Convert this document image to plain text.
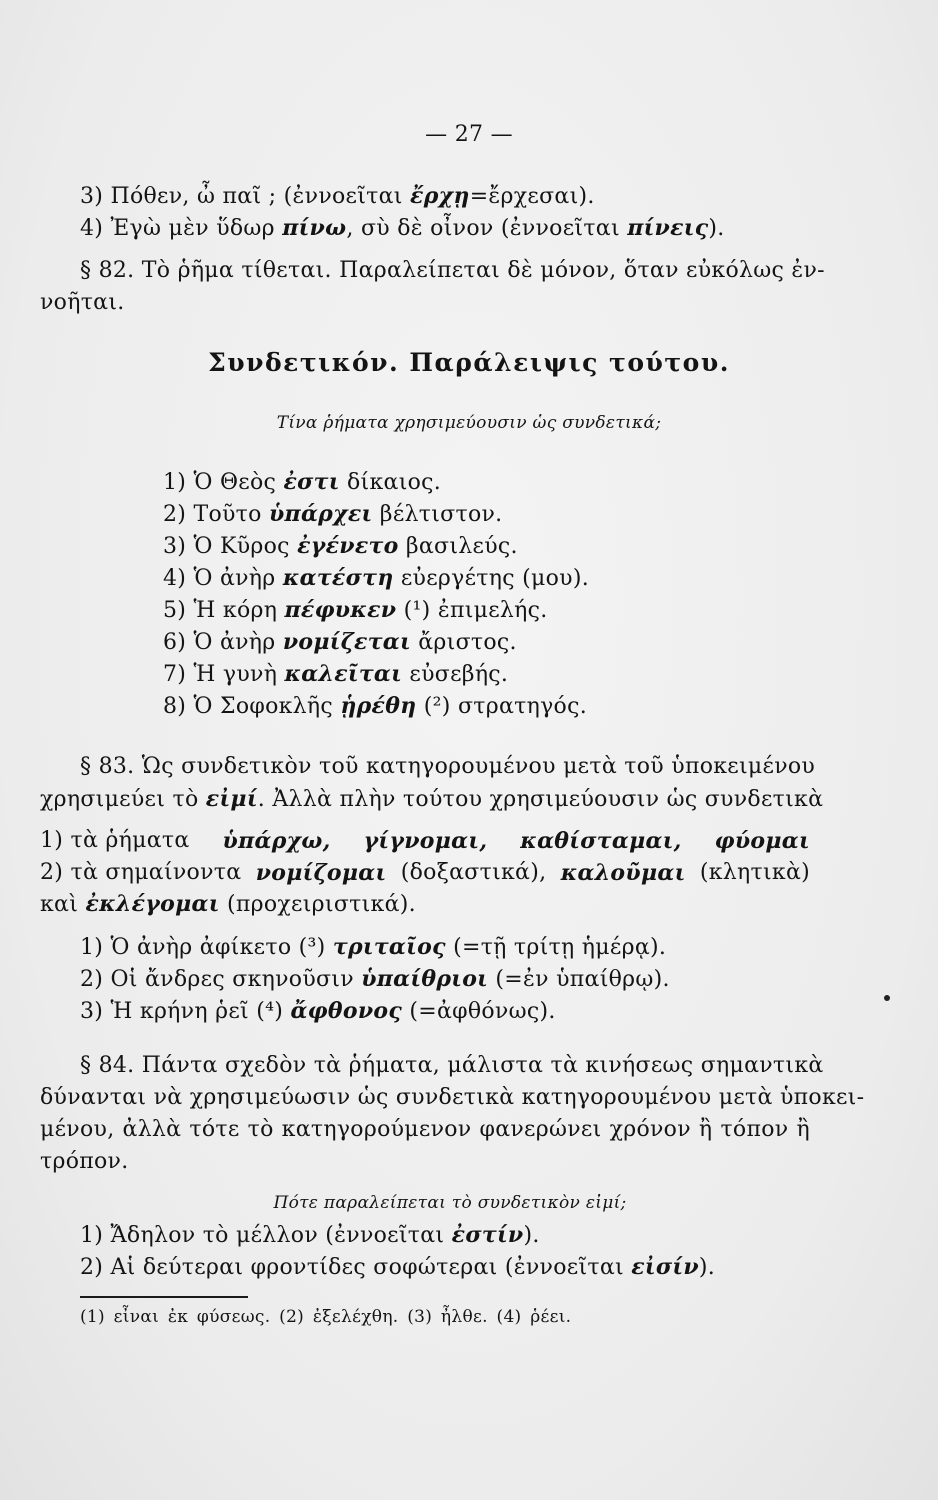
— 27 —
3) Πόθεν, ὦ παῖ ; (ἐννοεῖται ἔρχῃ=ἔρχεσαι).
4) Ἐγὼ μὲν ὕδωρ πίνω, σὺ δὲ οἶνον (ἐννοεῖται πίνεις).
§ 82. Τὸ ῥῆμα τίθεται. Παραλείπεται δὲ μόνον, ὅταν εὐκόλως ἐν-
νοῆται.
Συνδετικόν. Παράλειψις τούτου.
Τίνα ῥήματα χρησιμεύουσιν ὡς συνδετικά;
1) Ὁ Θεὸς ἐστι δίκαιος.
2) Τοῦτο ὑπάρχει βέλτιστον.
3) Ὁ Κῦρος ἐγένετο βασιλεύς.
4) Ὁ ἀνὴρ κατέστη εὐεργέτης (μου).
5) Ἡ κόρη πέφυκεν (¹) ἐπιμελής.
6) Ὁ ἀνὴρ νομίζεται ἄριστος.
7) Ἡ γυνὴ καλεῖται εὐσεβής.
8) Ὁ Σοφοκλῆς ᾑρέθη (²) στρατηγός.
§ 83. Ὡς συνδετικὸν τοῦ κατηγορουμένου μετὰ τοῦ ὑποκειμένου
χρησιμεύει τὸ εἰμί. Ἀλλὰ πλὴν τούτου χρησιμεύουσιν ὡς συνδετικὰ
1) τὰ ῥήματα ὑπάρχω, γίγνομαι, καθίσταμαι, φύομαι
2) τὰ σημαίνοντα νομίζομαι (δοξαστικά), καλοῦμαι (κλητικὰ)
καὶ ἐκλέγομαι (προχειριστικά).
1) Ὁ ἀνὴρ ἀφίκετο (³) τριταῖος (=τῇ τρίτῃ ἡμέρᾳ).
2) Οἱ ἄνδρες σκηνοῦσιν ὑπαίθριοι (=ἐν ὑπαίθρῳ).
3) Ἡ κρήνη ῥεῖ (⁴) ἄφθονος (=ἀφθόνως).
§ 84. Πάντα σχεδὸν τὰ ῥήματα, μάλιστα τὰ κινήσεως σημαντικὰ
δύνανται νὰ χρησιμεύωσιν ὡς συνδετικὰ κατηγορουμένου μετὰ ὑποκει-
μένου, ἀλλὰ τότε τὸ κατηγορούμενον φανερώνει χρόνον ἢ τόπον ἢ
τρόπον.
Πότε παραλείπεται τὸ συνδετικὸν εἰμί;
1) Ἄδηλον τὸ μέλλον (ἐννοεῖται ἐστίν).
2) Αἱ δεύτεραι φροντίδες σοφώτεραι (ἐννοεῖται εἰσίν).
(1) εἶναι ἐκ φύσεως. (2) ἐξελέχθη. (3) ἦλθε. (4) ῥέει.
